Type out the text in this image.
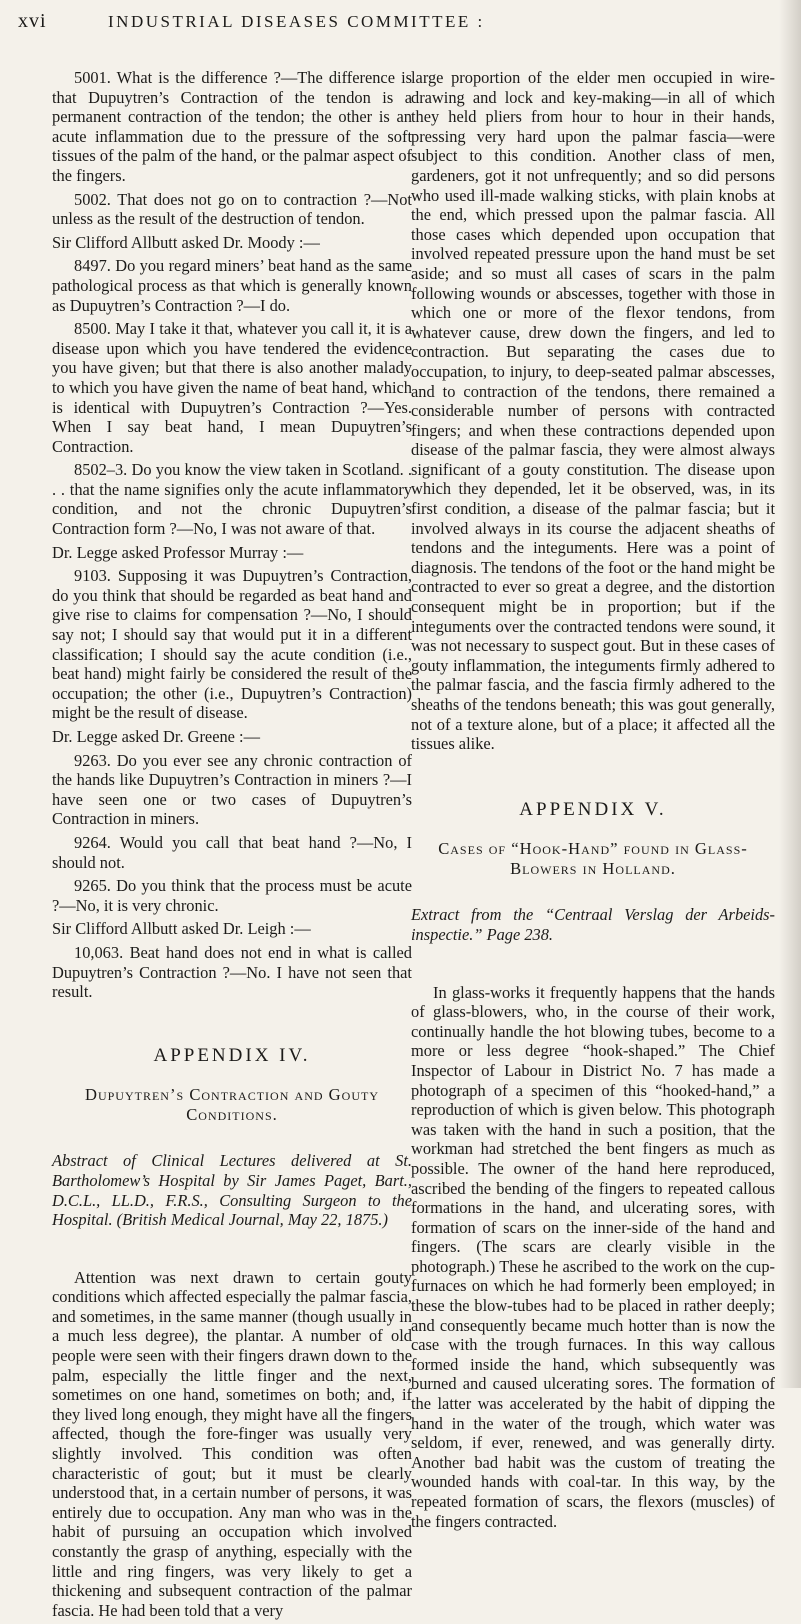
xvi	INDUSTRIAL DISEASES COMMITTEE :

5001. What is the difference ?—The difference is that Dupuytren’s Contraction of the tendon is a permanent contraction of the tendon; the other is an acute inflammation due to the pressure of the soft tissues of the palm of the hand, or the palmar aspect of the fingers.

5002. That does not go on to contraction ?—Not unless as the result of the destruction of tendon.

Sir Clifford Allbutt asked Dr. Moody :—

8497. Do you regard miners’ beat hand as the same pathological process as that which is generally known as Dupuytren’s Contraction ?—I do.

8500. May I take it that, whatever you call it, it is a disease upon which you have tendered the evidence you have given; but that there is also another malady to which you have given the name of beat hand, which is identical with Dupuytren’s Contraction ?—Yes. When I say beat hand, I mean Dupuytren’s Contraction.

8502–3. Do you know the view taken in Scotland. . . . that the name signifies only the acute inflammatory condition, and not the chronic Dupuytren’s Contraction form ?—No, I was not aware of that.

Dr. Legge asked Professor Murray :—

9103. Supposing it was Dupuytren’s Contraction, do you think that should be regarded as beat hand and give rise to claims for compensation ?—No, I should say not; I should say that would put it in a different classification; I should say the acute condition (i.e., beat hand) might fairly be considered the result of the occupation; the other (i.e., Dupuytren’s Contraction) might be the result of disease.

Dr. Legge asked Dr. Greene :—

9263. Do you ever see any chronic contraction of the hands like Dupuytren’s Contraction in miners ?—I have seen one or two cases of Dupuytren’s Contraction in miners.

9264. Would you call that beat hand ?—No, I should not.

9265. Do you think that the process must be acute ?—No, it is very chronic.

Sir Clifford Allbutt asked Dr. Leigh :—

10,063. Beat hand does not end in what is called Dupuytren’s Contraction ?—No. I have not seen that result.

APPENDIX IV.
Dupuytren’s Contraction and Gouty Conditions.

Abstract of Clinical Lectures delivered at St. Bartholomew’s Hospital by Sir James Paget, Bart., D.C.L., LL.D., F.R.S., Consulting Surgeon to the Hospital. (British Medical Journal, May 22, 1875.)

Attention was next drawn to certain gouty conditions which affected especially the palmar fascia, and sometimes, in the same manner (though usually in a much less degree), the plantar. A number of old people were seen with their fingers drawn down to the palm, especially the little finger and the next, sometimes on one hand, sometimes on both; and, if they lived long enough, they might have all the fingers affected, though the fore-finger was usually very slightly involved. This condition was often characteristic of gout; but it must be clearly understood that, in a certain number of persons, it was entirely due to occupation. Any man who was in the habit of pursuing an occupation which involved constantly the grasp of anything, especially with the little and ring fingers, was very likely to get a thickening and subsequent contraction of the palmar fascia. He had been told that a very

large proportion of the elder men occupied in wire-drawing and lock and key-making—in all of which they held pliers from hour to hour in their hands, pressing very hard upon the palmar fascia—were subject to this condition. Another class of men, gardeners, got it not unfrequently; and so did persons who used ill-made walking sticks, with plain knobs at the end, which pressed upon the palmar fascia. All those cases which depended upon occupation that involved repeated pressure upon the hand must be set aside; and so must all cases of scars in the palm following wounds or abscesses, together with those in which one or more of the flexor tendons, from whatever cause, drew down the fingers, and led to contraction. But separating the cases due to occupation, to injury, to deep-seated palmar abscesses, and to contraction of the tendons, there remained a considerable number of persons with contracted fingers; and when these contractions depended upon disease of the palmar fascia, they were almost always significant of a gouty constitution. The disease upon which they depended, let it be observed, was, in its first condition, a disease of the palmar fascia; but it involved always in its course the adjacent sheaths of tendons and the integuments. Here was a point of diagnosis. The tendons of the foot or the hand might be contracted to ever so great a degree, and the distortion consequent might be in proportion; but if the integuments over the contracted tendons were sound, it was not necessary to suspect gout. But in these cases of gouty inflammation, the integuments firmly adhered to the palmar fascia, and the fascia firmly adhered to the sheaths of the tendons beneath; this was gout generally, not of a texture alone, but of a place; it affected all the tissues alike.

APPENDIX V.
Cases of “Hook-Hand” found in Glass-Blowers in Holland.

Extract from the “Centraal Verslag der Arbeids-inspectie.” Page 238.

In glass-works it frequently happens that the hands of glass-blowers, who, in the course of their work, continually handle the hot blowing tubes, become to a more or less degree “hook-shaped.” The Chief Inspector of Labour in District No. 7 has made a photograph of a specimen of this “hooked-hand,” a reproduction of which is given below. This photograph was taken with the hand in such a position, that the workman had stretched the bent fingers as much as possible. The owner of the hand here reproduced, ascribed the bending of the fingers to repeated callous formations in the hand, and ulcerating sores, with formation of scars on the inner-side of the hand and fingers. (The scars are clearly visible in the photograph.) These he ascribed to the work on the cup-furnaces on which he had formerly been employed; in these the blow-tubes had to be placed in rather deeply; and consequently became much hotter than is now the case with the trough furnaces. In this way callous formed inside the hand, which subsequently was burned and caused ulcerating sores. The formation of the latter was accelerated by the habit of dipping the hand in the water of the trough, which water was seldom, if ever, renewed, and was generally dirty. Another bad habit was the custom of treating the wounded hands with coal-tar. In this way, by the repeated formation of scars, the flexors (muscles) of the fingers contracted.
